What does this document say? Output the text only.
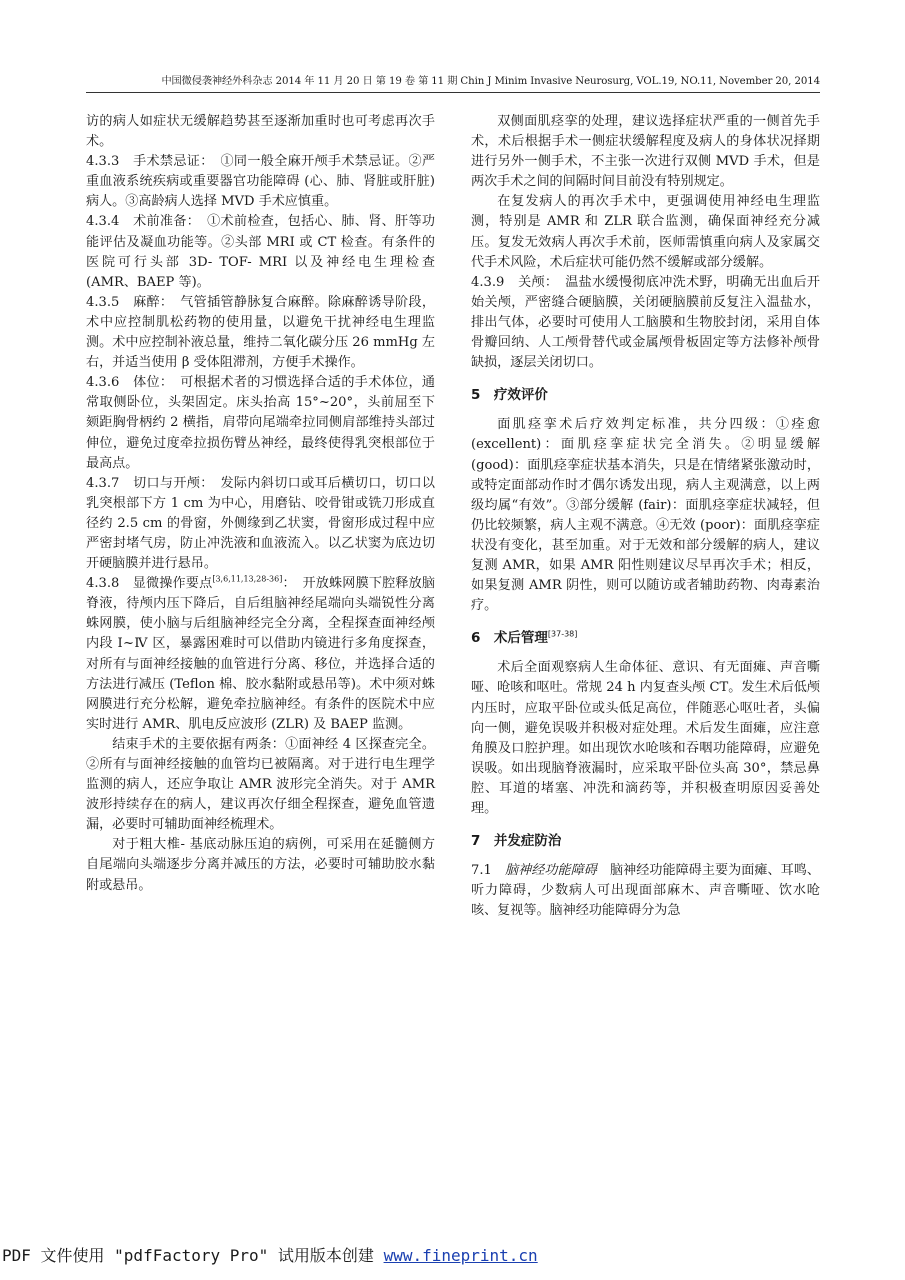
中国微侵袭神经外科杂志 2014 年 11 月 20 日 第 19 卷 第 11 期 Chin J Minim Invasive Neurosurg, VOL.19, NO.11, November 20, 2014

访的病人如症状无缓解趋势甚至逐渐加重时也可考虑再次手术。

4.3.3　手术禁忌证：　①同一般全麻开颅手术禁忌证。②严重血液系统疾病或重要器官功能障碍 (心、肺、肾脏或肝脏) 病人。③高龄病人选择 MVD 手术应慎重。

4.3.4　术前准备：　①术前检查，包括心、肺、肾、肝等功能评估及凝血功能等。②头部 MRI 或 CT 检查。有条件的医院可行头部 3D- TOF- MRI 以及神经电生理检查 (AMR、BAEP 等)。

4.3.5　麻醉：　气管插管静脉复合麻醉。除麻醉诱导阶段，术中应控制肌松药物的使用量，以避免干扰神经电生理监测。术中应控制补液总量，维持二氧化碳分压 26 mmHg 左右，并适当使用 β 受体阻滞剂，方便手术操作。

4.3.6　体位：　可根据术者的习惯选择合适的手术体位，通常取侧卧位，头架固定。床头抬高 15°~20°，头前屈至下颏距胸骨柄约 2 横指，肩带向尾端牵拉同侧肩部维持头部过伸位，避免过度牵拉损伤臂丛神经，最终使得乳突根部位于最高点。

4.3.7　切口与开颅：　发际内斜切口或耳后横切口，切口以乳突根部下方 1 cm 为中心，用磨钻、咬骨钳或铣刀形成直径约 2.5 cm 的骨窗，外侧缘到乙状窦，骨窗形成过程中应严密封堵气房，防止冲洗液和血液流入。以乙状窦为底边切开硬脑膜并进行悬吊。

4.3.8　显微操作要点[3,6,11,13,28-36]：　开放蛛网膜下腔释放脑脊液，待颅内压下降后，自后组脑神经尾端向头端锐性分离蛛网膜，使小脑与后组脑神经完全分离，全程探查面神经颅内段 Ⅰ~Ⅳ 区，暴露困难时可以借助内镜进行多角度探查，对所有与面神经接触的血管进行分离、移位，并选择合适的方法进行减压 (Teflon 棉、胶水黏附或悬吊等)。术中须对蛛网膜进行充分松解，避免牵拉脑神经。有条件的医院术中应实时进行 AMR、肌电反应波形 (ZLR) 及 BAEP 监测。

结束手术的主要依据有两条：①面神经 4 区探查完全。②所有与面神经接触的血管均已被隔离。对于进行电生理学监测的病人，还应争取让 AMR 波形完全消失。对于 AMR 波形持续存在的病人，建议再次仔细全程探查，避免血管遗漏，必要时可辅助面神经梳理术。

对于粗大椎- 基底动脉压迫的病例，可采用在延髓侧方自尾端向头端逐步分离并减压的方法，必要时可辅助胶水黏附或悬吊。

双侧面肌痉挛的处理，建议选择症状严重的一侧首先手术，术后根据手术一侧症状缓解程度及病人的身体状况择期进行另外一侧手术，不主张一次进行双侧 MVD 手术，但是两次手术之间的间隔时间目前没有特别规定。

在复发病人的再次手术中，更强调使用神经电生理监测，特别是 AMR 和 ZLR 联合监测，确保面神经充分减压。复发无效病人再次手术前，医师需慎重向病人及家属交代手术风险，术后症状可能仍然不缓解或部分缓解。

4.3.9　关颅：　温盐水缓慢彻底冲洗术野，明确无出血后开始关颅，严密缝合硬脑膜，关闭硬脑膜前反复注入温盐水，排出气体，必要时可使用人工脑膜和生物胶封闭，采用自体骨瓣回纳、人工颅骨替代或金属颅骨板固定等方法修补颅骨缺损，逐层关闭切口。

5　疗效评价

面肌痉挛术后疗效判定标准，共分四级：①痊愈 (excellent)：面肌痉挛症状完全消失。②明显缓解 (good)：面肌痉挛症状基本消失，只是在情绪紧张激动时，或特定面部动作时才偶尔诱发出现，病人主观满意，以上两级均属“有效”。③部分缓解 (fair)：面肌痉挛症状减轻，但仍比较频繁，病人主观不满意。④无效 (poor)：面肌痉挛症状没有变化，甚至加重。对于无效和部分缓解的病人，建议复测 AMR，如果 AMR 阳性则建议尽早再次手术；相反，如果复测 AMR 阴性，则可以随访或者辅助药物、肉毒素治疗。

6　术后管理[37-38]

术后全面观察病人生命体征、意识、有无面瘫、声音嘶哑、呛咳和呕吐。常规 24 h 内复查头颅 CT。发生术后低颅内压时，应取平卧位或头低足高位，伴随恶心呕吐者，头偏向一侧，避免误吸并积极对症处理。术后发生面瘫，应注意角膜及口腔护理。如出现饮水呛咳和吞咽功能障碍，应避免误吸。如出现脑脊液漏时，应采取平卧位头高 30°，禁忌鼻腔、耳道的堵塞、冲洗和滴药等，并积极查明原因妥善处理。

7　并发症防治

7.1　脑神经功能障碍　脑神经功能障碍主要为面瘫、耳鸣、听力障碍，少数病人可出现面部麻木、声音嘶哑、饮水呛咳、复视等。脑神经功能障碍分为急

PDF 文件使用 "pdfFactory Pro" 试用版本创建 www.fineprint.cn
